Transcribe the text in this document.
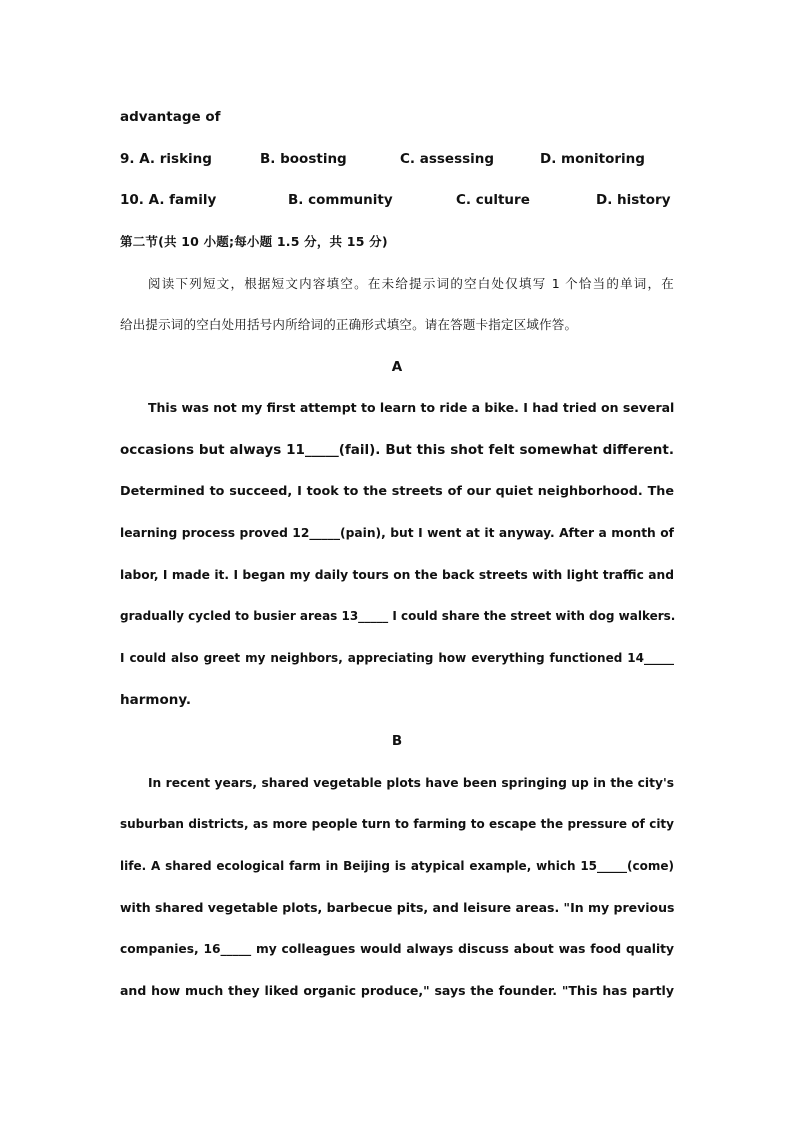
advantage of
9. A. risking	B. boosting	C. assessing	D. monitoring
10. A. family	B. community	C. culture	D. history
第二节(共 10 小题;每小题 1.5 分，共 15 分)
阅读下列短文，根据短文内容填空。在未给提示词的空白处仅填写 1 个恰当的单词，在
给出提示词的空白处用括号内所给词的正确形式填空。请在答题卡指定区域作答。
A
This was not my first attempt to learn to ride a bike. I had tried on several
occasions but always 11_____(fail). But this shot felt somewhat different.
Determined to succeed, I took to the streets of our quiet neighborhood. The
learning process proved 12_____(pain), but I went at it anyway. After a month of
labor, I made it. I began my daily tours on the back streets with light traffic and
gradually cycled to busier areas 13_____ I could share the street with dog walkers.
I could also greet my neighbors, appreciating how everything functioned 14_____
harmony.
B
In recent years, shared vegetable plots have been springing up in the city's
suburban districts, as more people turn to farming to escape the pressure of city
life. A shared ecological farm in Beijing is atypical example, which 15_____(come)
with shared vegetable plots, barbecue pits, and leisure areas. "In my previous
companies, 16_____ my colleagues would always discuss about was food quality
and how much they liked organic produce," says the founder. "This has partly
